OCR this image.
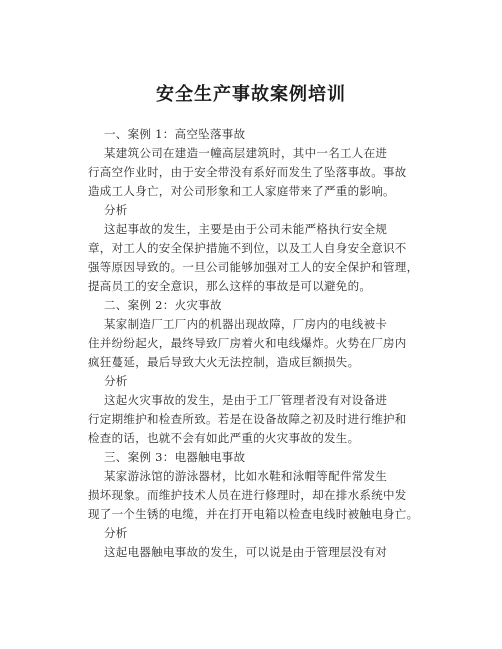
安全生产事故案例培训
一、案例 1：高空坠落事故
某建筑公司在建造一幢高层建筑时，其中一名工人在进
行高空作业时，由于安全带没有系好而发生了坠落事故。事故
造成工人身亡，对公司形象和工人家庭带来了严重的影响。
分析
这起事故的发生，主要是由于公司未能严格执行安全规
章，对工人的安全保护措施不到位，以及工人自身安全意识不
强等原因导致的。一旦公司能够加强对工人的安全保护和管理，
提高员工的安全意识，那么这样的事故是可以避免的。
二、案例 2：火灾事故
某家制造厂工厂内的机器出现故障，厂房内的电线被卡
住并纷纷起火，最终导致厂房着火和电线爆炸。火势在厂房内
疯狂蔓延，最后导致大火无法控制，造成巨额损失。
分析
这起火灾事故的发生，是由于工厂管理者没有对设备进
行定期维护和检查所致。若是在设备故障之初及时进行维护和
检查的话，也就不会有如此严重的火灾事故的发生。
三、案例 3：电器触电事故
某家游泳馆的游泳器材，比如水鞋和泳帽等配件常发生
损坏现象。而维护技术人员在进行修理时，却在排水系统中发
现了一个生锈的电缆，并在打开电箱以检查电线时被触电身亡。
分析
这起电器触电事故的发生，可以说是由于管理层没有对
